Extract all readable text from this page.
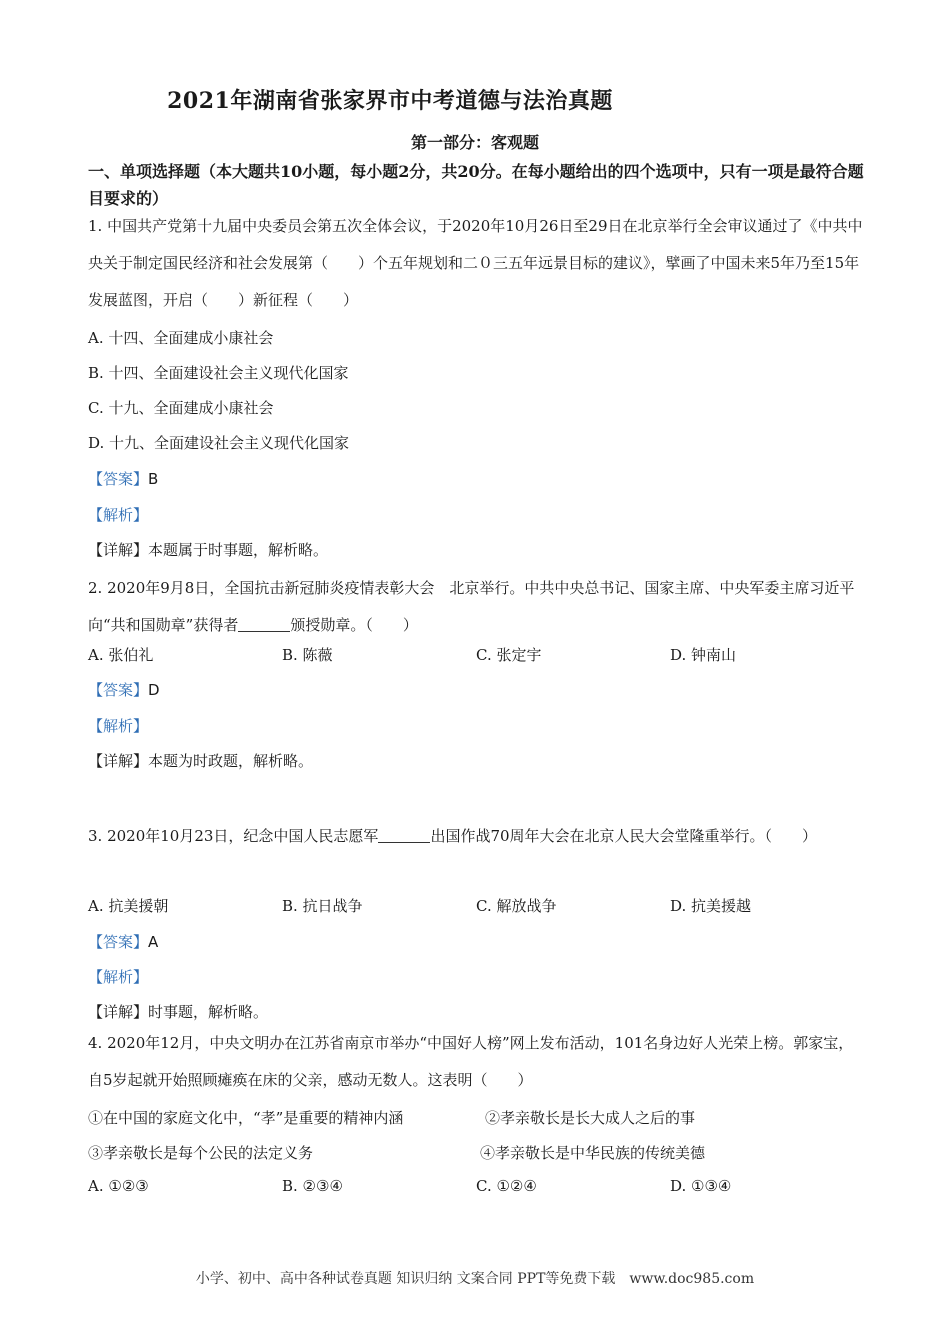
2021年湖南省张家界市中考道德与法治真题
第一部分：客观题
一、单项选择题（本大题共10小题，每小题2分，共20分。在每小题给出的四个选项中，只有一项是最符合题目要求的）
1. 中国共产党第十九届中央委员会第五次全体会议，于2020年10月26日至29日在北京举行全会审议通过了《中共中央关于制定国民经济和社会发展第（　　）个五年规划和二０三五年远景目标的建议》，擘画了中国未来5年乃至15年发展蓝图，开启（　　）新征程（　　）
A. 十四、全面建成小康社会
B. 十四、全面建设社会主义现代化国家
C. 十九、全面建成小康社会
D. 十九、全面建设社会主义现代化国家
【答案】B
【解析】
【详解】本题属于时事题，解析略。
2. 2020年9月8日，全国抗击新冠肺炎疫情表彰大会　北京举行。中共中央总书记、国家主席、中央军委主席习近平向“共和国勋章”获得者	颁授勋章。（　　）
A. 张伯礼	B. 陈薇	C. 张定宇	D. 钟南山
【答案】D
【解析】
【详解】本题为时政题，解析略。
3. 2020年10月23日，纪念中国人民志愿军	出国作战70周年大会在北京人民大会堂隆重举行。（　　）
A. 抗美援朝	B. 抗日战争	C. 解放战争	D. 抗美援越
【答案】A
【解析】
【详解】时事题，解析略。
4. 2020年12月，中央文明办在江苏省南京市举办“中国好人榜”网上发布活动，101名身边好人光荣上榜。郭家宝，自5岁起就开始照顾瘫痪在床的父亲，感动无数人。这表明（　　）
①在中国的家庭文化中，“孝”是重要的精神内涵	②孝亲敬长是长大成人之后的事
③孝亲敬长是每个公民的法定义务	④孝亲敬长是中华民族的传统美德
A. ①②③	B. ②③④	C. ①②④	D. ①③④
小学、初中、高中各种试卷真题 知识归纳 文案合同 PPT等免费下载　www.doc985.com
